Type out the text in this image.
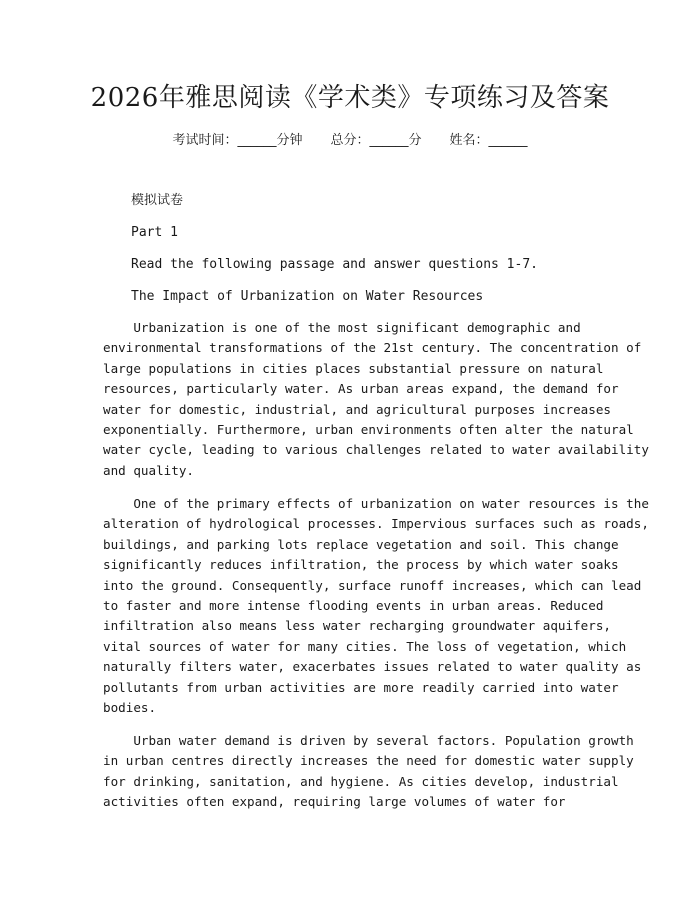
2026年雅思阅读《学术类》专项练习及答案
考试时间：______分钟 总分：______分 姓名：______
模拟试卷
Part 1
Read the following passage and answer questions 1-7.
The Impact of Urbanization on Water Resources
Urbanization is one of the most significant demographic and
environmental transformations of the 21st century. The concentration of
large populations in cities places substantial pressure on natural
resources, particularly water. As urban areas expand, the demand for
water for domestic, industrial, and agricultural purposes increases
exponentially. Furthermore, urban environments often alter the natural
water cycle, leading to various challenges related to water availability
and quality.
One of the primary effects of urbanization on water resources is the
alteration of hydrological processes. Impervious surfaces such as roads,
buildings, and parking lots replace vegetation and soil. This change
significantly reduces infiltration, the process by which water soaks
into the ground. Consequently, surface runoff increases, which can lead
to faster and more intense flooding events in urban areas. Reduced
infiltration also means less water recharging groundwater aquifers,
vital sources of water for many cities. The loss of vegetation, which
naturally filters water, exacerbates issues related to water quality as
pollutants from urban activities are more readily carried into water
bodies.
Urban water demand is driven by several factors. Population growth
in urban centres directly increases the need for domestic water supply
for drinking, sanitation, and hygiene. As cities develop, industrial
activities often expand, requiring large volumes of water for
